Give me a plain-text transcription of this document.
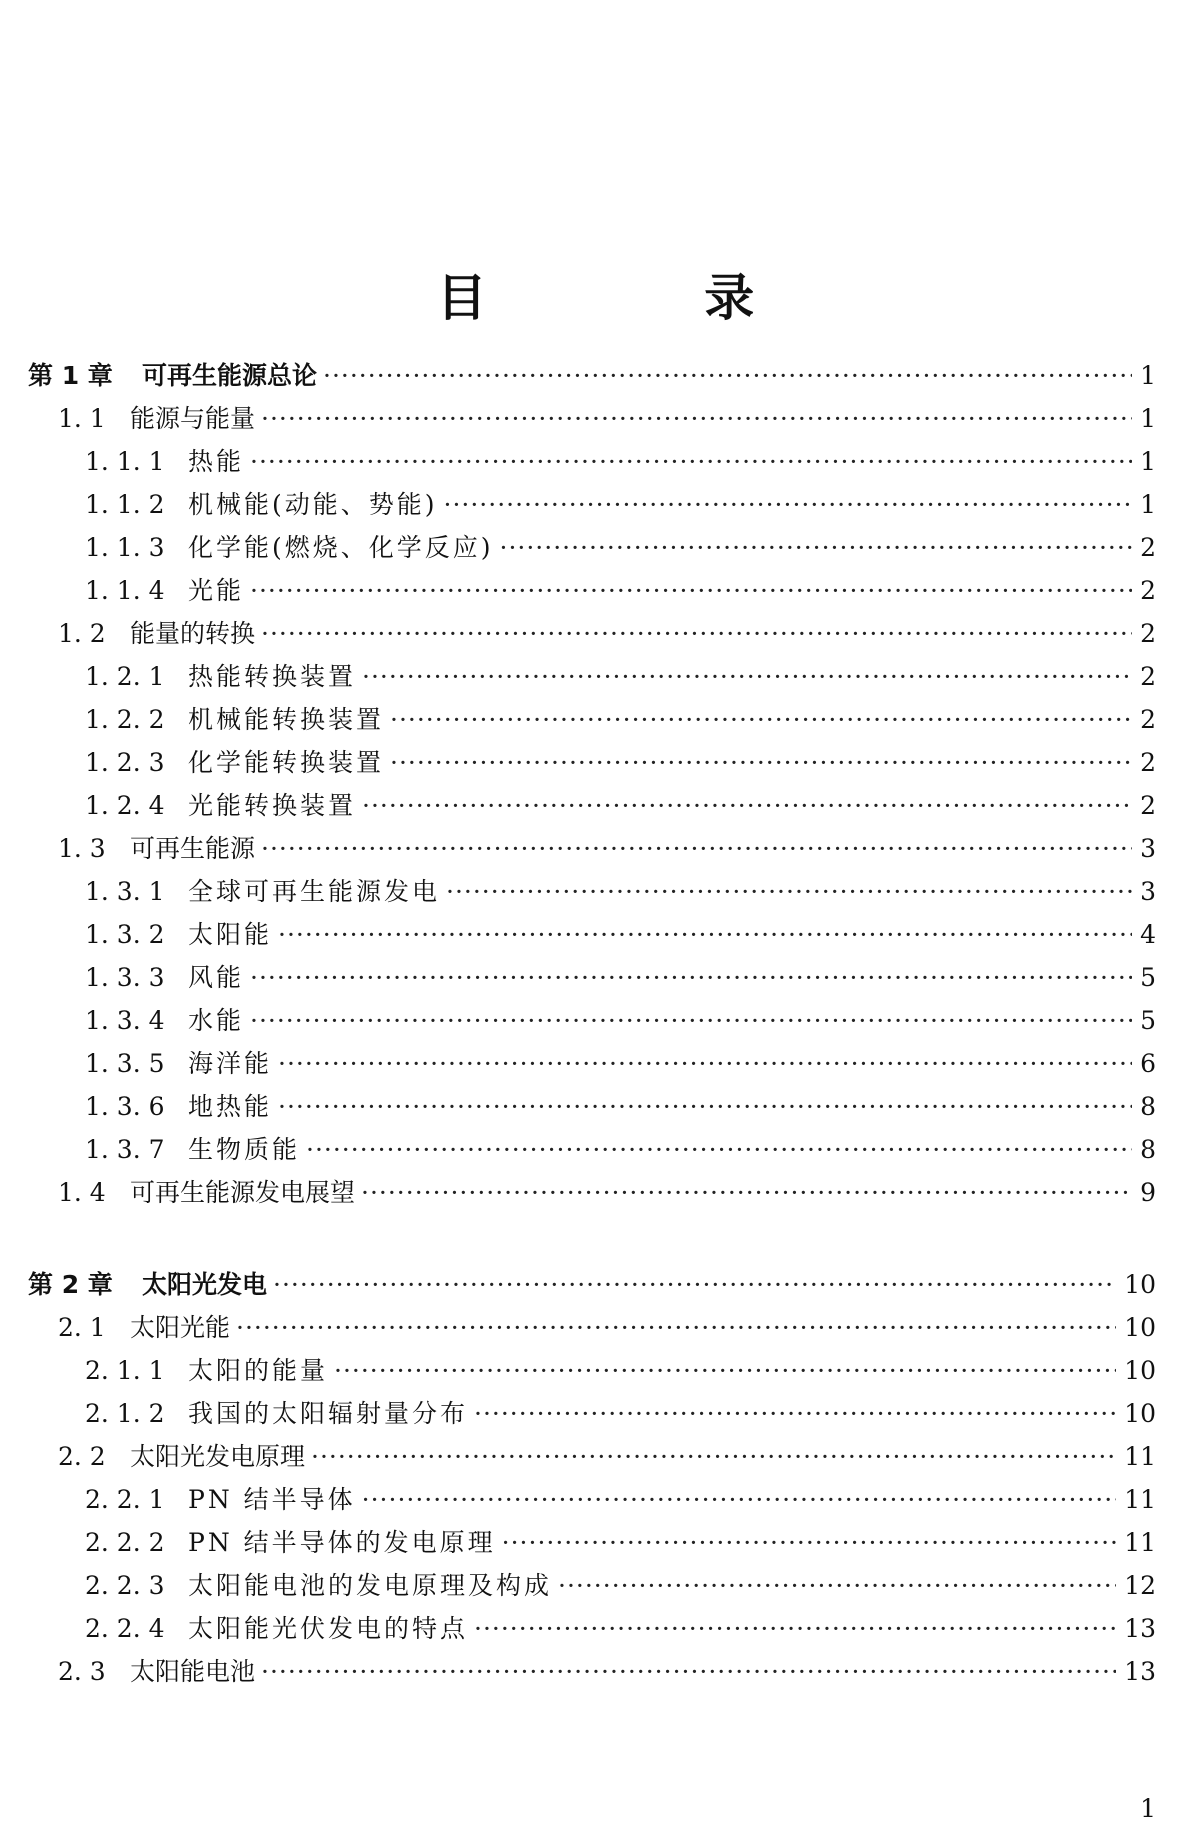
目 录
第 1 章	可再生能源总论 ·····	1
1. 1 能源与能量 ·····	1
1. 1. 1 热能 ·····	1
1. 1. 2 机械能(动能、势能) ·····	1
1. 1. 3 化学能(燃烧、化学反应) ·····	2
1. 1. 4 光能 ·····	2
1. 2 能量的转换 ·····	2
1. 2. 1 热能转换装置 ·····	2
1. 2. 2 机械能转换装置 ·····	2
1. 2. 3 化学能转换装置 ·····	2
1. 2. 4 光能转换装置 ·····	2
1. 3 可再生能源 ·····	3
1. 3. 1 全球可再生能源发电 ·····	3
1. 3. 2 太阳能 ·····	4
1. 3. 3 风能 ·····	5
1. 3. 4 水能 ·····	5
1. 3. 5 海洋能 ·····	6
1. 3. 6 地热能 ·····	8
1. 3. 7 生物质能 ·····	8
1. 4 可再生能源发电展望 ·····	9
第 2 章	太阳光发电 ·····	10
2. 1 太阳光能 ·····	10
2. 1. 1 太阳的能量 ·····	10
2. 1. 2 我国的太阳辐射量分布 ·····	10
2. 2 太阳光发电原理 ·····	11
2. 2. 1 PN 结半导体 ·····	11
2. 2. 2 PN 结半导体的发电原理 ·····	11
2. 2. 3 太阳能电池的发电原理及构成 ·····	12
2. 2. 4 太阳能光伏发电的特点 ·····	13
2. 3 太阳能电池 ·····	13
1
